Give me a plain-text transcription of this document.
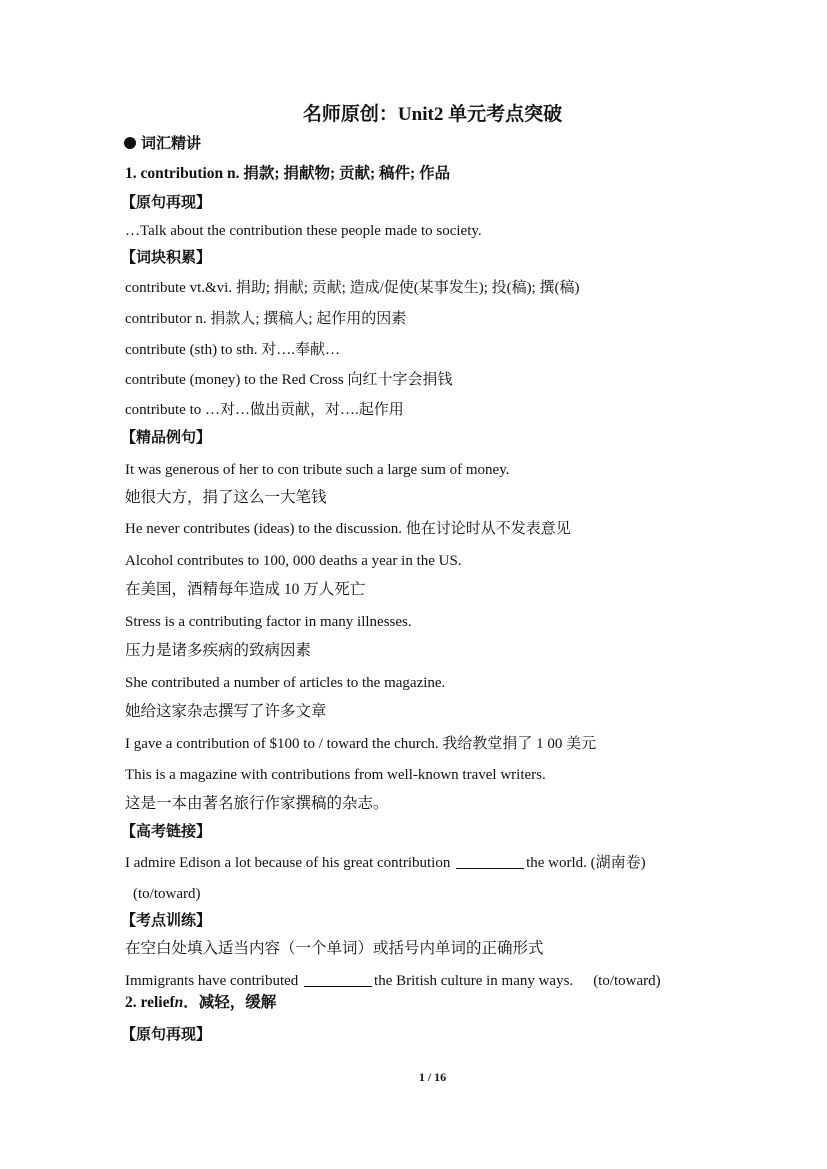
名师原创：Unit2 单元考点突破
词汇精讲
1. contribution n. 捐款; 捐献物; 贡献; 稿件; 作品
【原句再现】
…Talk about the contribution these people made to society.
【词块积累】
contribute vt.&vi. 捐助; 捐献; 贡献; 造成/促使(某事发生); 投(稿); 撰(稿)
contributor n. 捐款人; 撰稿人; 起作用的因素
contribute (sth) to sth. 对….奉献…
contribute (money) to the Red Cross 向红十字会捐钱
contribute to …对…做出贡献，对….起作用
【精品例句】
It was generous of her to con tribute such a large sum of money.
她很大方，捐了这么一大笔钱
He never contributes (ideas) to the discussion. 他在讨论时从不发表意见
Alcohol contributes to 100, 000 deaths a year in the US.
在美国，酒精每年造成 10 万人死亡
Stress is a contributing factor in many illnesses.
压力是诸多疾病的致病因素
She contributed a number of articles to the magazine.
她给这家杂志撰写了许多文章
I gave a contribution of $100 to / toward the church. 我给教堂捐了 1 00 美元
This is a magazine with contributions from well-known travel writers.
这是一本由著名旅行作家撰稿的杂志。
【高考链接】
I admire Edison a lot because of his great contribution	the world. (湖南卷)
(to/toward)
【考点训练】
在空白处填入适当内容（一个单词）或括号内单词的正确形式
Immigrants have contributed	the British culture in many ways. (to/toward)
2. reliefn．减轻，缓解
【原句再现】
1 / 16
